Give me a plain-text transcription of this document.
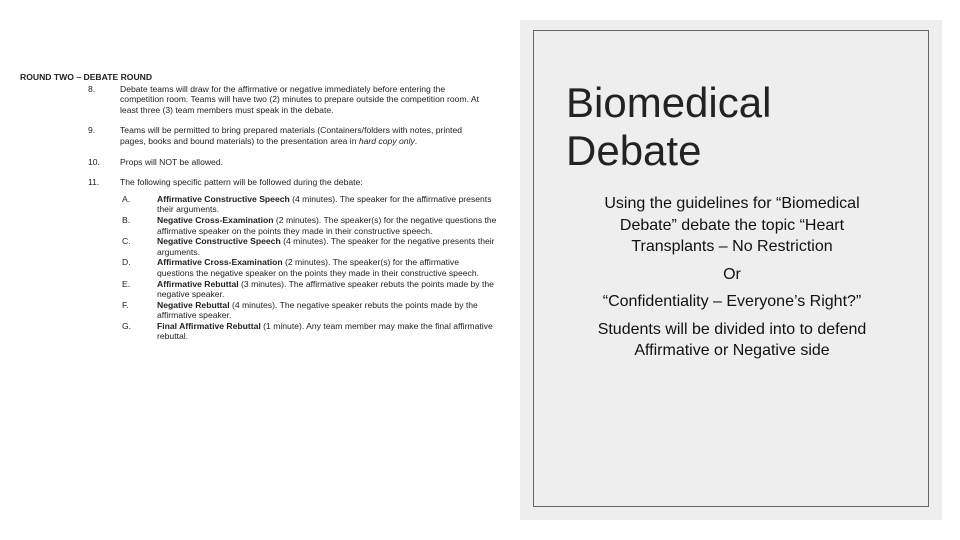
ROUND TWO – DEBATE ROUND
8.	Debate teams will draw for the affirmative or negative immediately before entering the competition room. Teams will have two (2) minutes to prepare outside the competition room. At least three (3) team members must speak in the debate.
9.	Teams will be permitted to bring prepared materials (Containers/folders with notes, printed pages, books and bound materials) to the presentation area in hard copy only.
10.	Props will NOT be allowed.
11.	The following specific pattern will be followed during the debate:
A.	Affirmative Constructive Speech (4 minutes). The speaker for the affirmative presents their arguments.
B.	Negative Cross-Examination (2 minutes). The speaker(s) for the negative questions the affirmative speaker on the points they made in their constructive speech.
C.	Negative Constructive Speech (4 minutes). The speaker for the negative presents their arguments.
D.	Affirmative Cross-Examination (2 minutes). The speaker(s) for the affirmative questions the negative speaker on the points they made in their constructive speech.
E.	Affirmative Rebuttal (3 minutes). The affirmative speaker rebuts the points made by the negative speaker.
F.	Negative Rebuttal (4 minutes). The negative speaker rebuts the points made by the affirmative speaker.
G.	Final Affirmative Rebuttal (1 minute). Any team member may make the final affirmative rebuttal.
Biomedical
Debate

Using the guidelines for “Biomedical Debate” debate the topic “Heart Transplants – No Restriction

Or

“Confidentiality – Everyone’s Right?”

Students will be divided into to defend Affirmative or Negative side
